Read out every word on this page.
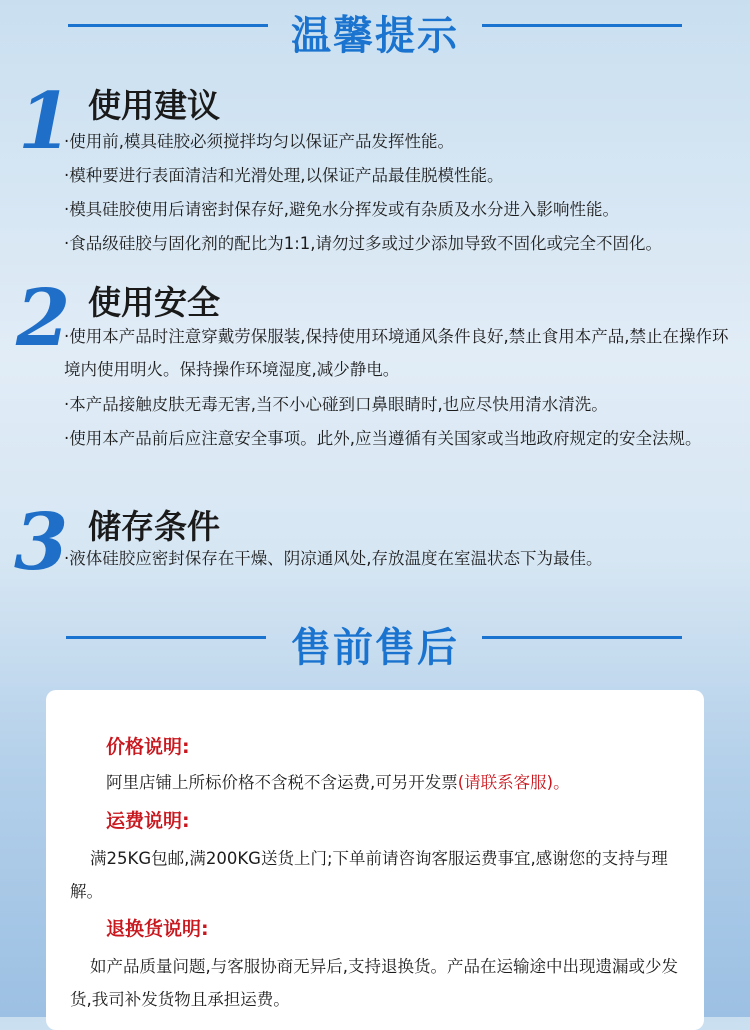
温馨提示
1 使用建议

·使用前,模具硅胶必须搅拌均匀以保证产品发挥性能。

·模种要进行表面清洁和光滑处理,以保证产品最佳脱模性能。

·模具硅胶使用后请密封保存好,避免水分挥发或有杂质及水分进入影响性能。

·食品级硅胶与固化剂的配比为1:1,请勿过多或过少添加导致不固化或完全不固化。

2 使用安全

·使用本产品时注意穿戴劳保服装,保持使用环境通风条件良好,禁止食用本产品,禁止在操作环境内使用明火。保持操作环境湿度,减少静电。

·本产品接触皮肤无毒无害,当不小心碰到口鼻眼睛时,也应尽快用清水清洗。

·使用本产品前后应注意安全事项。此外,应当遵循有关国家或当地政府规定的安全法规。

3 储存条件

·液体硅胶应密封保存在干燥、阴凉通风处,存放温度在室温状态下为最佳。

售前售后
价格说明:

阿里店铺上所标价格不含税不含运费,可另开发票(请联系客服)。

运费说明:

满25KG包邮,满200KG送货上门;下单前请咨询客服运费事宜,感谢您的支持与理解。

退换货说明:

如产品质量问题,与客服协商无异后,支持退换货。产品在运输途中出现遗漏或少发货,我司补发货物且承担运费。
